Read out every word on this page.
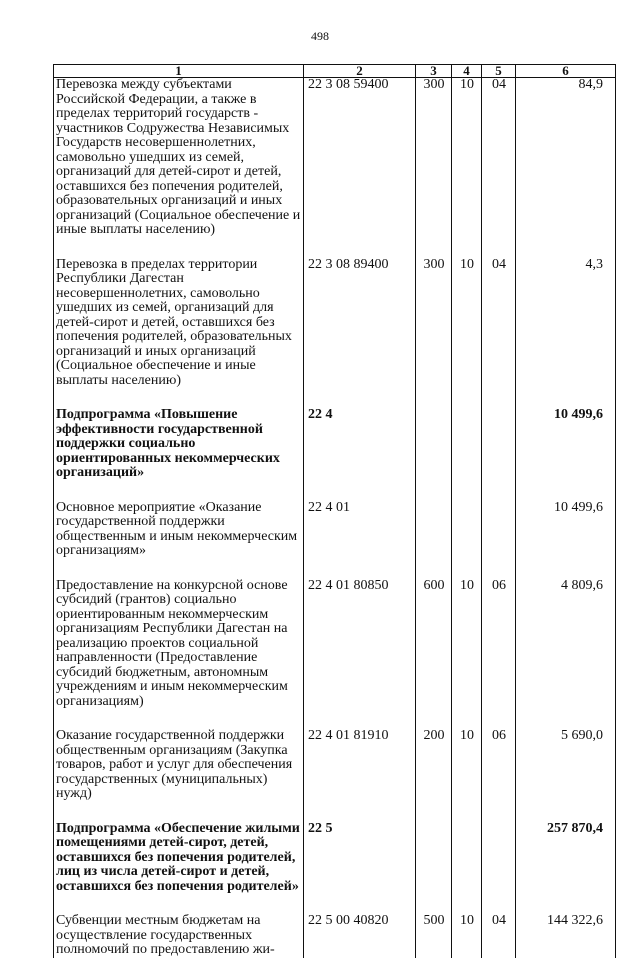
498
1	2	3	4	5	6
Перевозка между субъектами Российской Федерации, а также в пределах территорий государств - участников Содружества Независимых Государств несовершеннолетних, самовольно ушедших из семей, организаций для детей-сирот и детей, оставшихся без попечения родителей, образовательных организаций и иных организаций (Социальное обеспечение и иные выплаты населению)	22 3 08 59400	300	10	04	84,9

Перевозка в пределах территории Республики Дагестан несовершеннолетних, самовольно ушедших из семей, организаций для детей-сирот и детей, оставшихся без попечения родителей, образовательных организаций и иных организаций (Социальное обеспечение и иные выплаты населению)	22 3 08 89400	300	10	04	4,3

Подпрограмма «Повышение эффективности государственной поддержки социально ориентированных некоммерческих организаций»	22 4				10 499,6

Основное мероприятие «Оказание государственной поддержки общественным и иным некоммерческим организациям»	22 4 01				10 499,6

Предоставление на конкурсной основе субсидий (грантов) социально ориентированным некоммерческим организациям Республики Дагестан на реализацию проектов социальной направленности (Предоставление субсидий бюджетным, автономным учреждениям и иным некоммерческим организациям)	22 4 01 80850	600	10	06	4 809,6

Оказание государственной поддержки общественным организациям (Закупка товаров, работ и услуг для обеспечения государственных (муниципальных) нужд)	22 4 01 81910	200	10	06	5 690,0

Подпрограмма «Обеспечение жилыми помещениями детей-сирот, детей, оставшихся без попечения родителей, лиц из числа детей-сирот и детей, оставшихся без попечения родителей»	22 5				257 870,4

Субвенции местным бюджетам на осуществление государственных полномочий по предоставлению жи-	22 5 00 40820	500	10	04	144 322,6
